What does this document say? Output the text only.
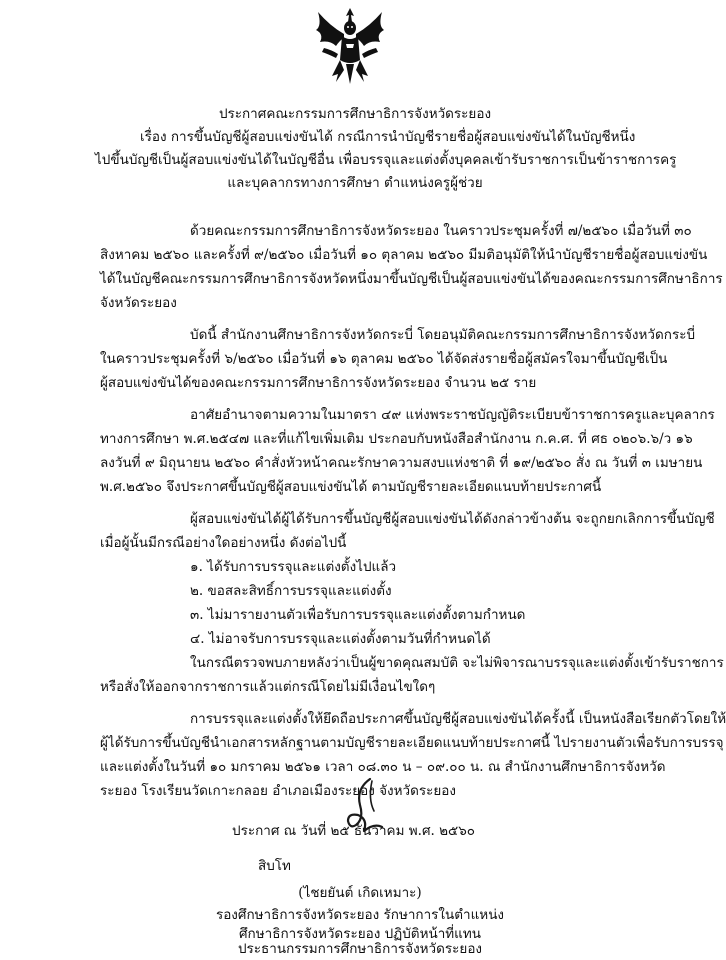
ประกาศคณะกรรมการศึกษาธิการจังหวัดระยอง
เรื่อง การขึ้นบัญชีผู้สอบแข่งขันได้ กรณีการนำบัญชีรายชื่อผู้สอบแข่งขันได้ในบัญชีหนึ่ง
ไปขึ้นบัญชีเป็นผู้สอบแข่งขันได้ในบัญชีอื่น เพื่อบรรจุและแต่งตั้งบุคคลเข้ารับราชการเป็นข้าราชการครู
และบุคลากรทางการศึกษา ตำแหน่งครูผู้ช่วย
ด้วยคณะกรรมการศึกษาธิการจังหวัดระยอง ในคราวประชุมครั้งที่ ๗/๒๕๖๐ เมื่อวันที่ ๓๐
สิงหาคม ๒๕๖๐ และครั้งที่ ๙/๒๕๖๐ เมื่อวันที่ ๑๐ ตุลาคม ๒๕๖๐ มีมติอนุมัติให้นำบัญชีรายชื่อผู้สอบแข่งขัน
ได้ในบัญชีคณะกรรมการศึกษาธิการจังหวัดหนึ่งมาขึ้นบัญชีเป็นผู้สอบแข่งขันได้ของคณะกรรมการศึกษาธิการ
จังหวัดระยอง
บัดนี้ สำนักงานศึกษาธิการจังหวัดกระบี่ โดยอนุมัติคณะกรรมการศึกษาธิการจังหวัดกระบี่
ในคราวประชุมครั้งที่ ๖/๒๕๖๐ เมื่อวันที่ ๑๖ ตุลาคม ๒๕๖๐ ได้จัดส่งรายชื่อผู้สมัครใจมาขึ้นบัญชีเป็น
ผู้สอบแข่งขันได้ของคณะกรรมการศึกษาธิการจังหวัดระยอง จำนวน ๒๕ ราย
อาศัยอำนาจตามความในมาตรา ๔๙ แห่งพระราชบัญญัติระเบียบข้าราชการครูและบุคลากร
ทางการศึกษา พ.ศ.๒๕๔๗ และที่แก้ไขเพิ่มเติม ประกอบกับหนังสือสำนักงาน ก.ค.ศ. ที่ ศธ ๐๒๐๖.๖/ว ๑๖
ลงวันที่ ๙ มิถุนายน ๒๕๖๐ คำสั่งหัวหน้าคณะรักษาความสงบแห่งชาติ ที่ ๑๙/๒๕๖๐ สั่ง ณ วันที่ ๓ เมษายน
พ.ศ.๒๕๖๐ จึงประกาศขึ้นบัญชีผู้สอบแข่งขันได้ ตามบัญชีรายละเอียดแนบท้ายประกาศนี้
ผู้สอบแข่งขันได้ผู้ได้รับการขึ้นบัญชีผู้สอบแข่งขันได้ดังกล่าวข้างต้น จะถูกยกเลิกการขึ้นบัญชี
เมื่อผู้นั้นมีกรณีอย่างใดอย่างหนึ่ง ดังต่อไปนี้
๑. ได้รับการบรรจุและแต่งตั้งไปแล้ว
๒. ขอสละสิทธิ์การบรรจุและแต่งตั้ง
๓. ไม่มารายงานตัวเพื่อรับการบรรจุและแต่งตั้งตามกำหนด
๔. ไม่อาจรับการบรรจุและแต่งตั้งตามวันที่กำหนดได้
ในกรณีตรวจพบภายหลังว่าเป็นผู้ขาดคุณสมบัติ จะไม่พิจารณาบรรจุและแต่งตั้งเข้ารับราชการ
หรือสั่งให้ออกจากราชการแล้วแต่กรณีโดยไม่มีเงื่อนไขใดๆ
การบรรจุและแต่งตั้งให้ยึดถือประกาศขึ้นบัญชีผู้สอบแข่งขันได้ครั้งนี้ เป็นหนังสือเรียกตัวโดยให้
ผู้ได้รับการขึ้นบัญชีนำเอกสารหลักฐานตามบัญชีรายละเอียดแนบท้ายประกาศนี้ ไปรายงานตัวเพื่อรับการบรรจุ
และแต่งตั้งในวันที่ ๑๐ มกราคม ๒๕๖๑ เวลา ๐๘.๓๐ น – ๐๙.๐๐ น. ณ สำนักงานศึกษาธิการจังหวัด
ระยอง โรงเรียนวัดเกาะกลอย อำเภอเมืองระยอง จังหวัดระยอง
ประกาศ ณ วันที่ ๒๕ ธันวาคม พ.ศ. ๒๕๖๐
สิบโท
(ไชยยันต์ เกิดเหมาะ)
รองศึกษาธิการจังหวัดระยอง รักษาการในตำแหน่ง
ศึกษาธิการจังหวัดระยอง ปฏิบัติหน้าที่แทน
ประธานกรรมการศึกษาธิการจังหวัดระยอง
